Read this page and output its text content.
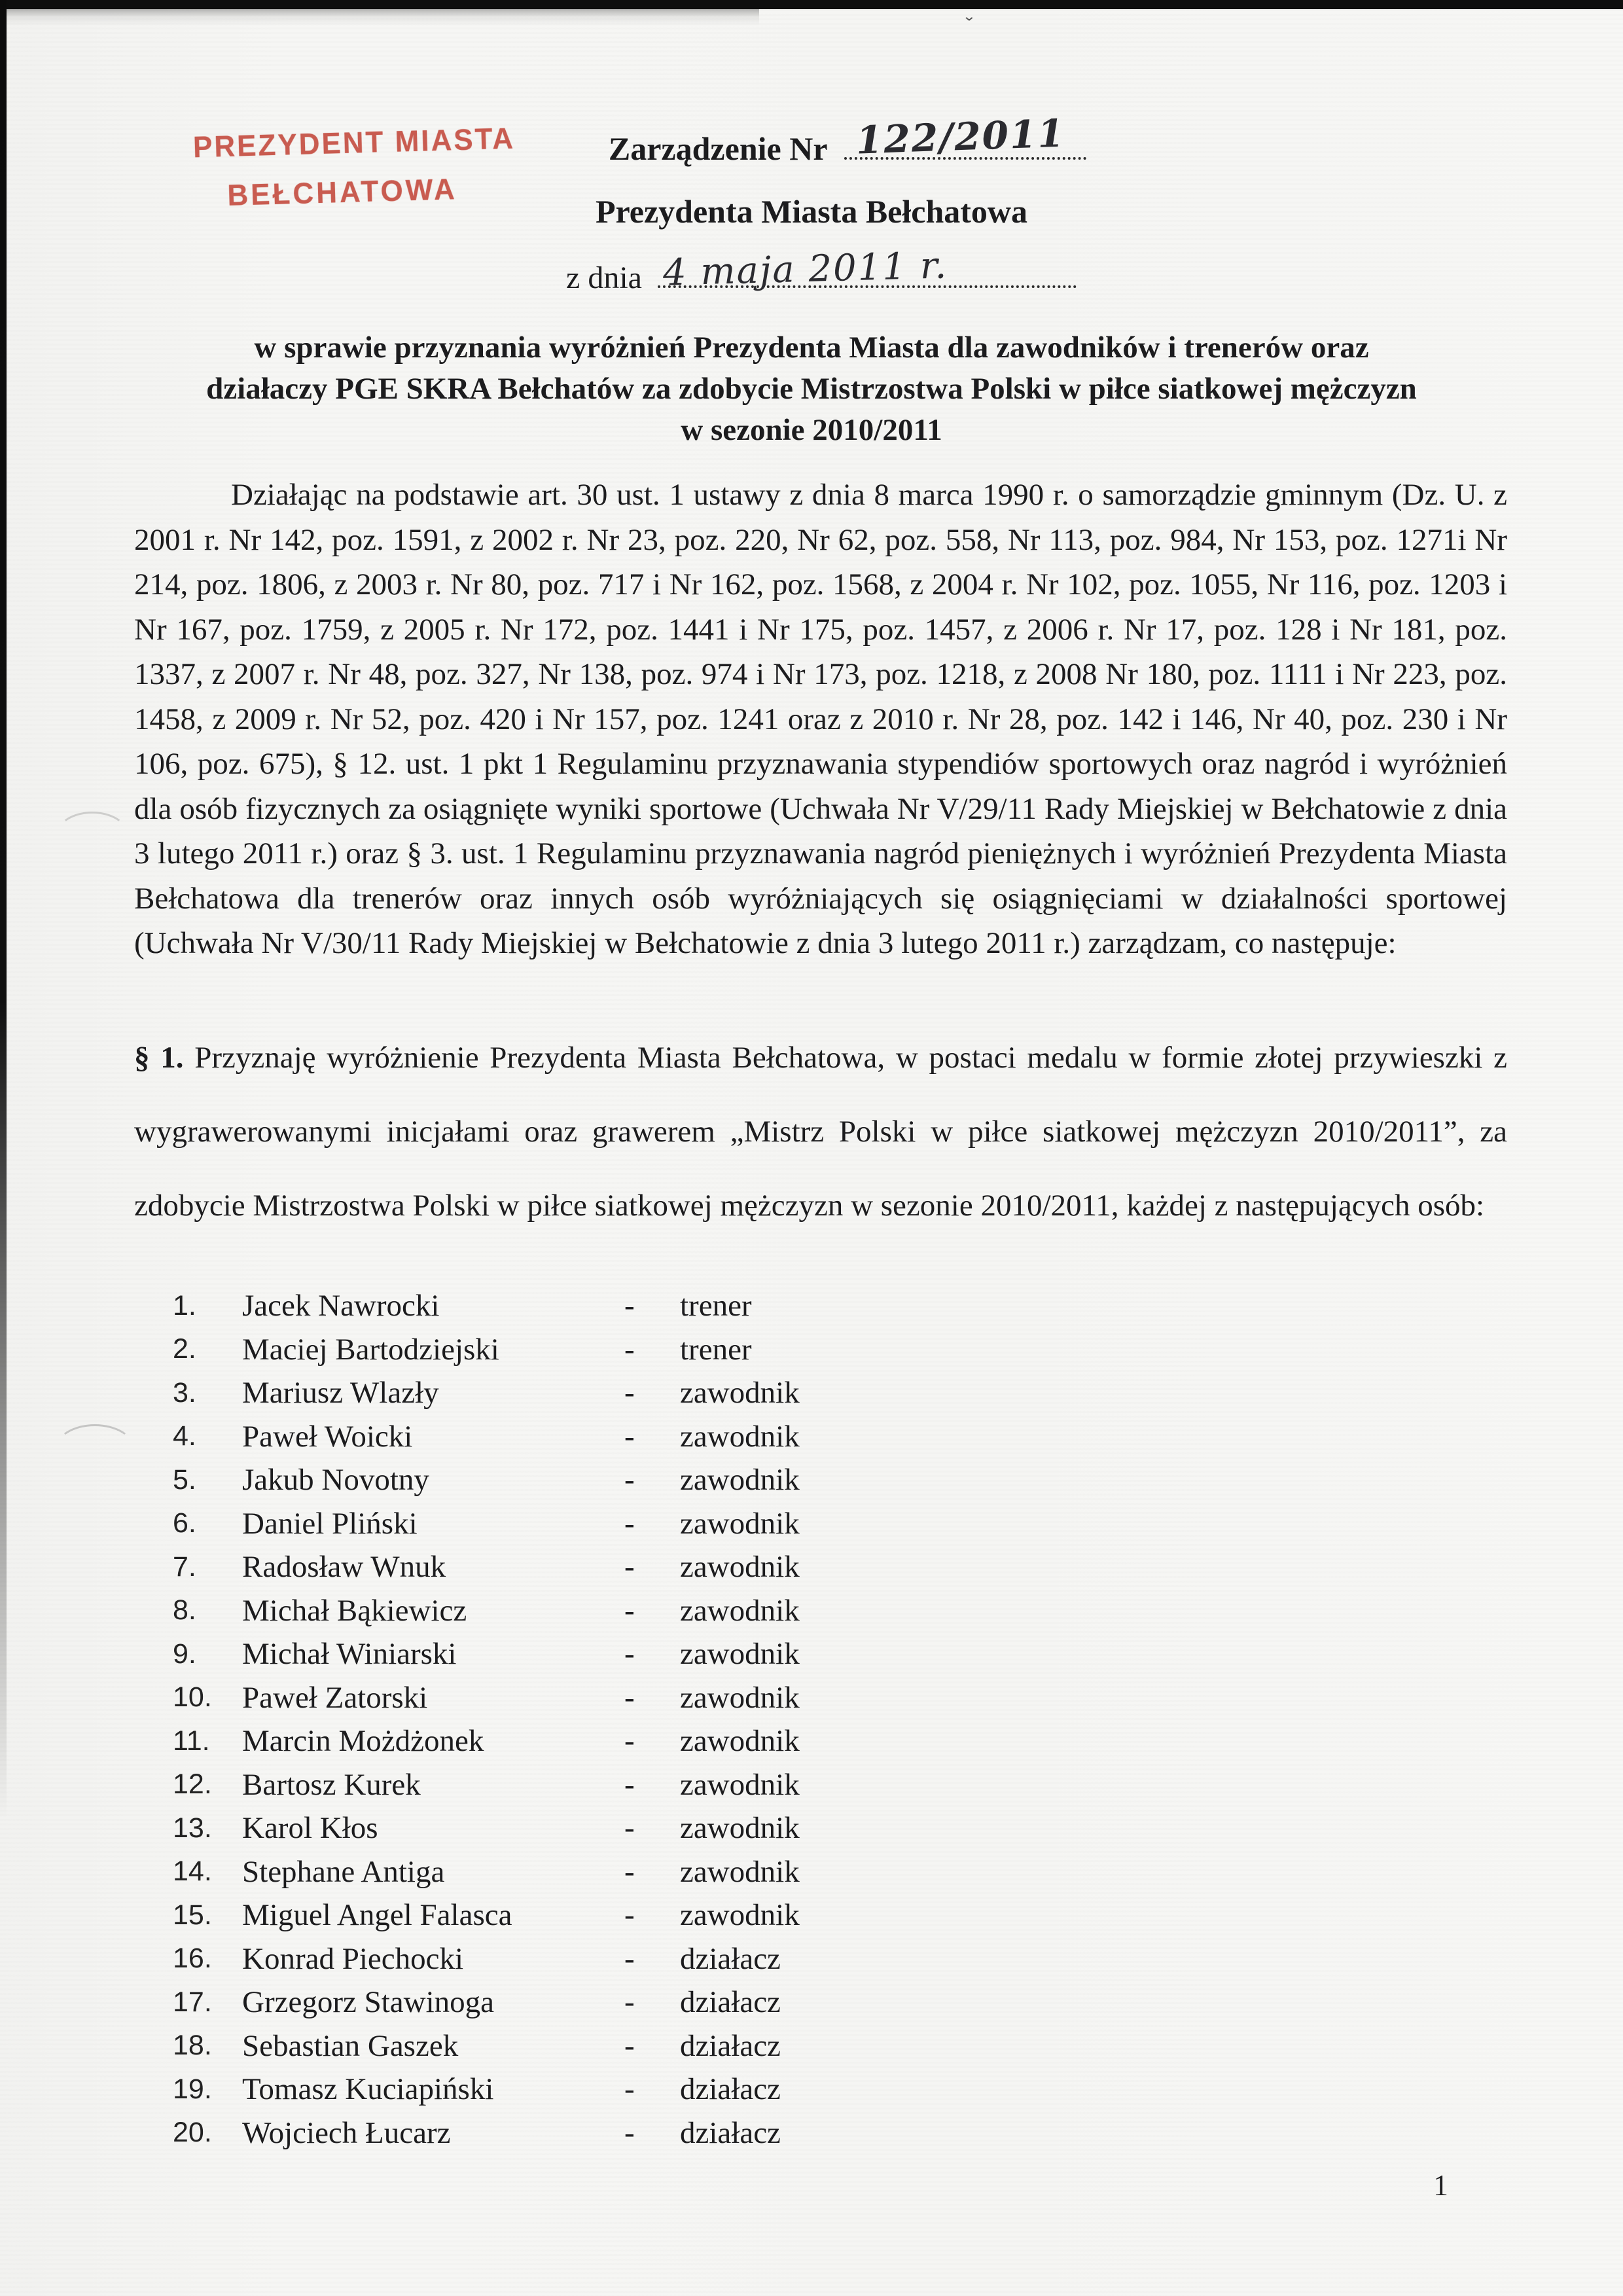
⌄
PREZYDENT MIASTA
BEŁCHATOWA
Zarządzenie Nr 122/2011
Prezydenta Miasta Bełchatowa
z dnia 4 maja 2011 r.
w sprawie przyznania wyróżnień Prezydenta Miasta dla zawodników i trenerów oraz
działaczy PGE SKRA Bełchatów za zdobycie Mistrzostwa Polski w piłce siatkowej mężczyzn
w sezonie 2010/2011

Działając na podstawie art. 30 ust. 1 ustawy z dnia 8 marca 1990 r. o samorządzie gminnym (Dz. U. z 2001 r. Nr 142, poz. 1591, z 2002 r. Nr 23, poz. 220, Nr 62, poz. 558, Nr 113, poz. 984, Nr 153, poz. 1271i Nr 214, poz. 1806, z 2003 r. Nr 80, poz. 717 i Nr 162, poz. 1568, z 2004 r. Nr 102, poz. 1055, Nr 116, poz. 1203 i Nr 167, poz. 1759, z 2005 r. Nr 172, poz. 1441 i Nr 175, poz. 1457, z 2006 r. Nr 17, poz. 128 i Nr 181, poz. 1337, z 2007 r. Nr 48, poz. 327, Nr 138, poz. 974 i Nr 173, poz. 1218, z 2008 Nr 180, poz. 1111 i Nr 223, poz. 1458, z 2009 r. Nr 52, poz. 420 i Nr 157, poz. 1241 oraz z 2010 r. Nr 28, poz. 142 i 146, Nr 40, poz. 230 i Nr 106, poz. 675), § 12. ust. 1 pkt 1 Regulaminu przyznawania stypendiów sportowych oraz nagród i wyróżnień dla osób fizycznych za osiągnięte wyniki sportowe (Uchwała Nr V/29/11 Rady Miejskiej w Bełchatowie z dnia 3 lutego 2011 r.) oraz § 3. ust. 1 Regulaminu przyznawania nagród pieniężnych i wyróżnień Prezydenta Miasta Bełchatowa dla trenerów oraz innych osób wyróżniających się osiągnięciami w działalności sportowej (Uchwała Nr V/30/11 Rady Miejskiej w Bełchatowie z dnia 3 lutego 2011 r.) zarządzam, co następuje:

§ 1. Przyznaję wyróżnienie Prezydenta Miasta Bełchatowa, w postaci medalu w formie złotej przywieszki z wygrawerowanymi inicjałami oraz grawerem „Mistrz Polski w piłce siatkowej mężczyzn 2010/2011”, za zdobycie Mistrzostwa Polski w piłce siatkowej mężczyzn w sezonie 2010/2011, każdej z następujących osób:

1.	Jacek Nawrocki	-	trener
2.	Maciej Bartodziejski	-	trener
3.	Mariusz Wlazły	-	zawodnik
4.	Paweł Woicki	-	zawodnik
5.	Jakub Novotny	-	zawodnik
6.	Daniel Pliński	-	zawodnik
7.	Radosław Wnuk	-	zawodnik
8.	Michał Bąkiewicz	-	zawodnik
9.	Michał Winiarski	-	zawodnik
10. Paweł Zatorski	-	zawodnik
11.	Marcin Możdżonek	-	zawodnik
12. Bartosz Kurek	-	zawodnik
13. Karol Kłos	-	zawodnik
14. Stephane Antiga	-	zawodnik
15. Miguel Angel Falasca	-	zawodnik
16. Konrad Piechocki	-	działacz
17. Grzegorz Stawinoga	-	działacz
18. Sebastian Gaszek	-	działacz
19. Tomasz Kuciapiński	-	działacz
20. Wojciech Łucarz	-	działacz
1
